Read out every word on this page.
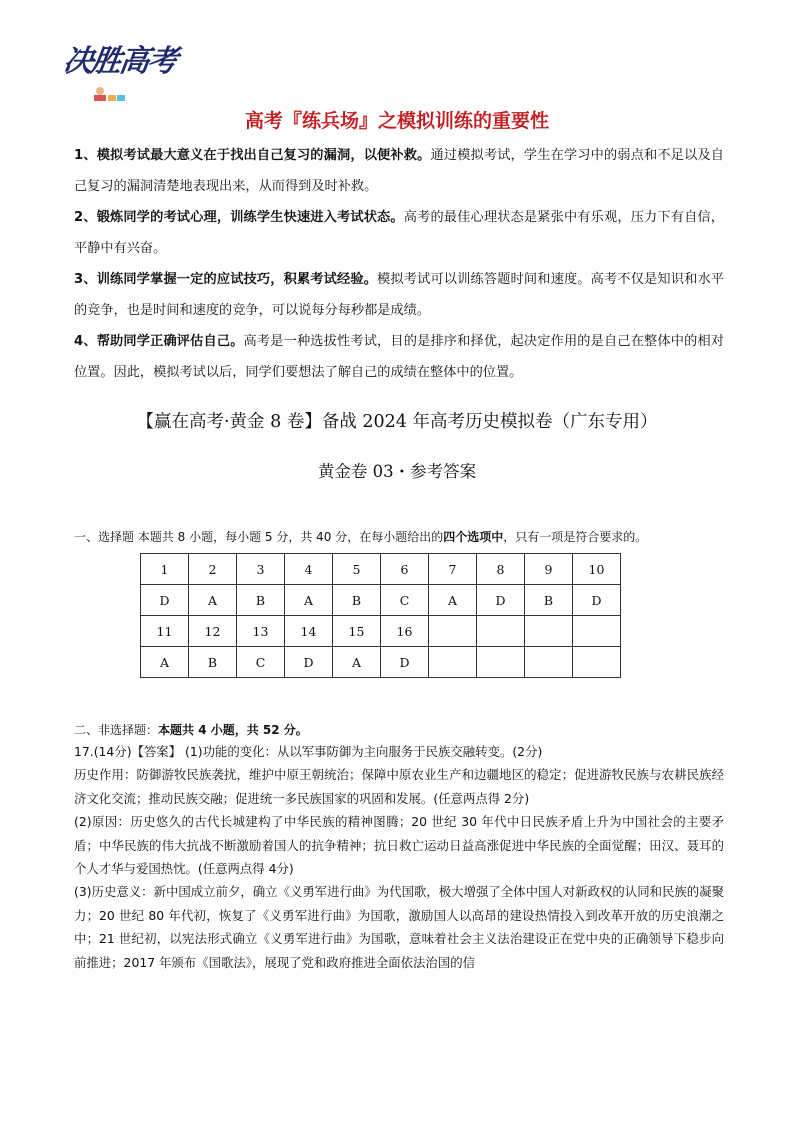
决胜高考
高考『练兵场』之模拟训练的重要性

1、模拟考试最大意义在于找出自己复习的漏洞，以便补救。通过模拟考试，学生在学习中的弱点和不足以及自己复习的漏洞清楚地表现出来，从而得到及时补救。

2、锻炼同学的考试心理，训练学生快速进入考试状态。高考的最佳心理状态是紧张中有乐观，压力下有自信，平静中有兴奋。

3、训练同学掌握一定的应试技巧，积累考试经验。模拟考试可以训练答题时间和速度。高考不仅是知识和水平的竞争，也是时间和速度的竞争，可以说每分每秒都是成绩。

4、帮助同学正确评估自己。高考是一种选拔性考试，目的是排序和择优，起决定作用的是自己在整体中的相对位置。因此，模拟考试以后，同学们要想法了解自己的成绩在整体中的位置。

【赢在高考·黄金 8 卷】备战 2024 年高考历史模拟卷（广东专用）
黄金卷 03・参考答案
一、选择题 本题共 8 小题，每小题 5 分，共 40 分，在每小题给出的四个选项中，只有一项是符合要求的。
1	2	3	4	5	6	7	8	9	10
D	A	B	A	B	C	A	D	B	D
11	12	13	14	15	16				
A	B	C	D	A	D				
二、非选择题：本题共 4 小题，共 52 分。

17.(14分)【答案】 (1)功能的变化：从以军事防御为主向服务于民族交融转变。(2分)

历史作用：防御游牧民族袭扰，维护中原王朝统治；保障中原农业生产和边疆地区的稳定；促进游牧民族与农耕民族经济文化交流；推动民族交融；促进统一多民族国家的巩固和发展。(任意两点得 2分)

(2)原因：历史悠久的古代长城建构了中华民族的精神图腾；20 世纪 30 年代中日民族矛盾上升为中国社会的主要矛盾；中华民族的伟大抗战不断激励着国人的抗争精神；抗日救亡运动日益高涨促进中华民族的全面觉醒；田汉、聂耳的个人才华与爱国热忱。(任意两点得 4分)

(3)历史意义：新中国成立前夕，确立《义勇军进行曲》为代国歌，极大增强了全体中国人对新政权的认同和民族的凝聚力；20 世纪 80 年代初，恢复了《义勇军进行曲》为国歌，激励国人以高昂的建设热情投入到改革开放的历史浪潮之中；21 世纪初，以宪法形式确立《义勇军进行曲》为国歌，意味着社会主义法治建设正在党中央的正确领导下稳步向前推进；2017 年颁布《国歌法》，展现了党和政府推进全面依法治国的信
